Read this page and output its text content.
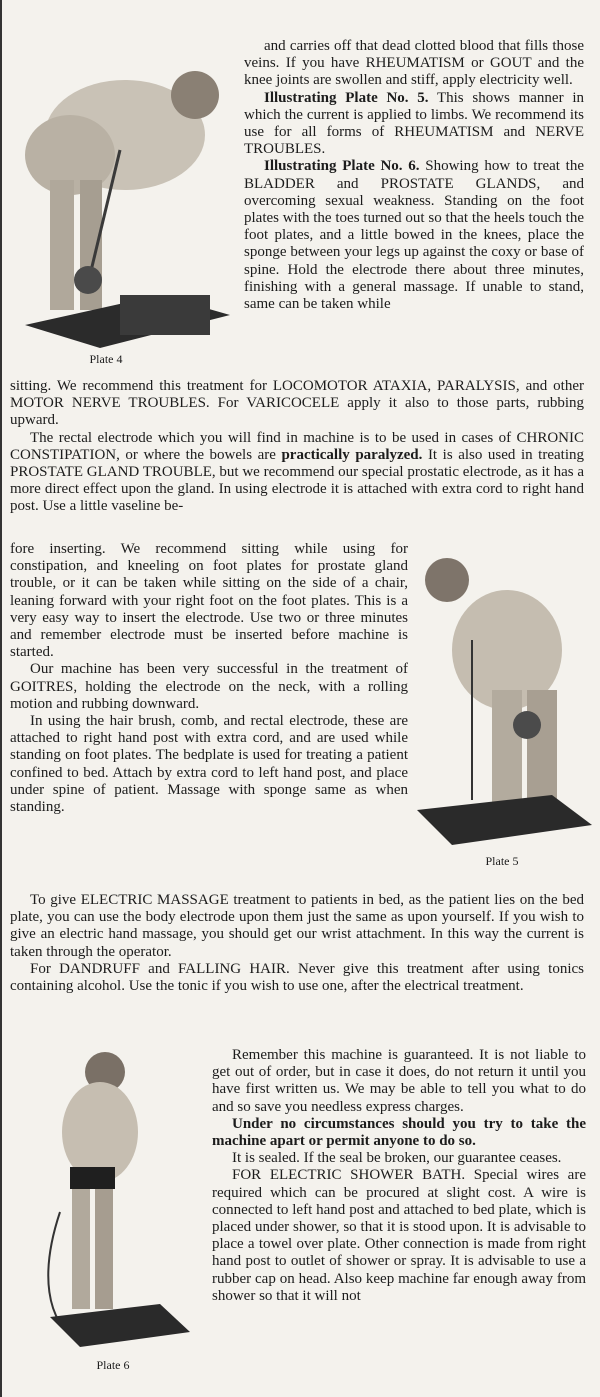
Plate 4

and carries off that dead clotted blood that fills those veins. If you have RHEUMATISM or GOUT and the knee joints are swollen and stiff, apply electricity well.

Illustrating Plate No. 5. This shows manner in which the current is applied to limbs. We recommend its use for all forms of RHEUMATISM and NERVE TROUBLES.

Illustrating Plate No. 6. Showing how to treat the BLADDER and PROSTATE GLANDS, and overcoming sexual weakness. Standing on the foot plates with the toes turned out so that the heels touch the foot plates, and a little bowed in the knees, place the sponge between your legs up against the coxy or base of spine. Hold the electrode there about three minutes, finishing with a general massage. If unable to stand, same can be taken while

sitting. We recommend this treatment for LOCOMOTOR ATAXIA, PARALYSIS, and other MOTOR NERVE TROUBLES. For VARICOCELE apply it also to those parts, rubbing upward.

The rectal electrode which you will find in machine is to be used in cases of CHRONIC CONSTIPATION, or where the bowels are practically paralyzed. It is also used in treating PROSTATE GLAND TROUBLE, but we recommend our special prostatic electrode, as it has a more direct effect upon the gland. In using electrode it is attached with extra cord to right hand post. Use a little vaseline be-

Plate 5

fore inserting. We recommend sitting while using for constipation, and kneeling on foot plates for prostate gland trouble, or it can be taken while sitting on the side of a chair, leaning forward with your right foot on the foot plates. This is a very easy way to insert the electrode. Use two or three minutes and remember electrode must be inserted before machine is started.

Our machine has been very successful in the treatment of GOITRES, holding the electrode on the neck, with a rolling motion and rubbing downward.

In using the hair brush, comb, and rectal electrode, these are attached to right hand post with extra cord, and are used while standing on foot plates. The bedplate is used for treating a patient confined to bed. Attach by extra cord to left hand post, and place under spine of patient. Massage with sponge same as when standing.

To give ELECTRIC MASSAGE treatment to patients in bed, as the patient lies on the bed plate, you can use the body electrode upon them just the same as upon yourself. If you wish to give an electric hand massage, you should get our wrist attachment. In this way the current is taken through the operator.

For DANDRUFF and FALLING HAIR. Never give this treatment after using tonics containing alcohol. Use the tonic if you wish to use one, after the electrical treatment.

Plate 6

Remember this machine is guaranteed. It is not liable to get out of order, but in case it does, do not return it until you have first written us. We may be able to tell you what to do and so save you needless express charges.

Under no circumstances should you try to take the machine apart or permit anyone to do so.

It is sealed. If the seal be broken, our guarantee ceases.

FOR ELECTRIC SHOWER BATH. Special wires are required which can be procured at slight cost. A wire is connected to left hand post and attached to bed plate, which is placed under shower, so that it is stood upon. It is advisable to place a towel over plate. Other connection is made from right hand post to outlet of shower or spray. It is advisable to use a rubber cap on head. Also keep machine far enough away from shower so that it will not
